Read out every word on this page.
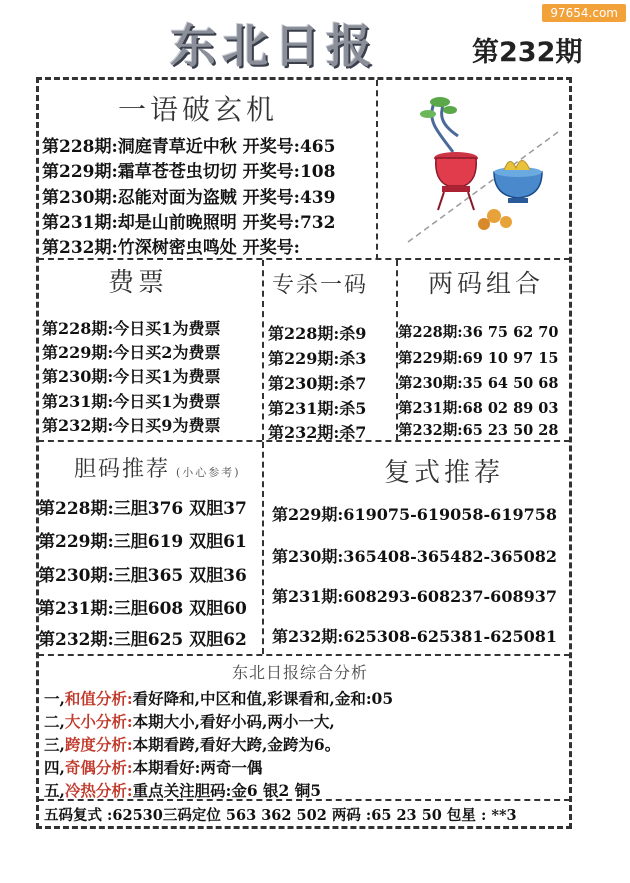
97654.com
东北日报	第232期
一语破玄机
第228期:洞庭青草近中秋 开奖号:465
第229期:霜草苍苍虫切切 开奖号:108
第230期:忍能对面为盗贼 开奖号:439
第231期:却是山前晚照明 开奖号:732
第232期:竹深树密虫鸣处 开奖号:
费票
第228期:今日买1为费票
第229期:今日买2为费票
第230期:今日买1为费票
第231期:今日买1为费票
第232期:今日买9为费票
专杀一码
第228期:杀9
第229期:杀3
第230期:杀7
第231期:杀5
第232期:杀7
两码组合
第228期:36 75 62 70
第229期:69 10 97 15
第230期:35 64 50 68
第231期:68 02 89 03
第232期:65 23 50 28
胆码推荐 (小心参考)
第228期:三胆376 双胆37
第229期:三胆619 双胆61
第230期:三胆365 双胆36
第231期:三胆608 双胆60
第232期:三胆625 双胆62
复式推荐
第229期:619075-619058-619758
第230期:365408-365482-365082
第231期:608293-608237-608937
第232期:625308-625381-625081
东北日报综合分析
一,和值分析:看好降和,中区和值,彩课看和,金和:05
二,大小分析:本期大小,看好小码,两小一大,
三,跨度分析:本期看跨,看好大跨,金跨为6。
四,奇偶分析:本期看好:两奇一偶
五,冷热分析:重点关注胆码:金6 银2 铜5
五码复式 :62530三码定位 563 362 502 两码 :65 23 50 包星 : **3
